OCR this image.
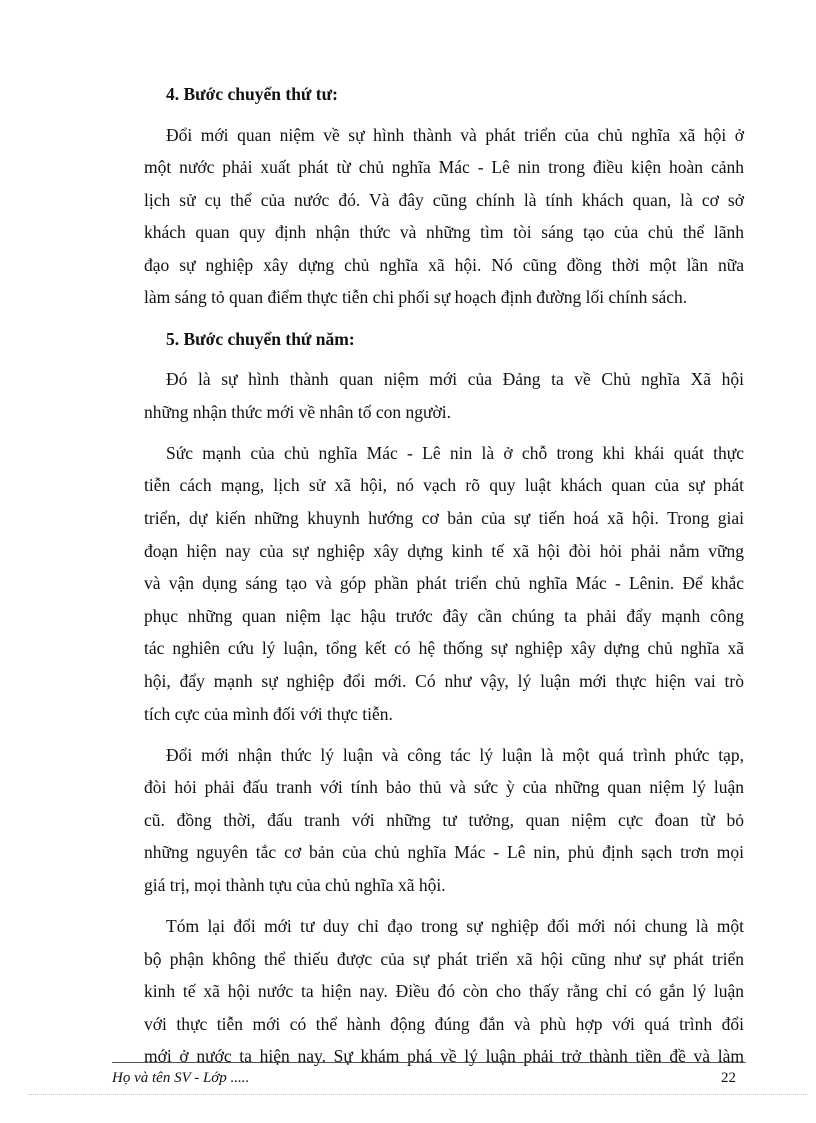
4. Bước chuyển thứ tư:

Đổi mới quan niệm về sự hình thành và phát triển của chủ nghĩa xã hội ở
một nước phải xuất phát từ chủ nghĩa Mác - Lê nin trong điều kiện hoàn cảnh
lịch sử cụ thể của nước đó. Và đây cũng chính là tính khách quan, là cơ sở
khách quan quy định nhận thức và những tìm tòi sáng tạo của chủ thể lãnh
đạo sự nghiệp xây dựng chủ nghĩa xã hội. Nó cũng đồng thời một lần nữa
làm sáng tỏ quan điểm thực tiễn chi phối sự hoạch định đường lối chính sách.

5. Bước chuyển thứ năm:

Đó là sự hình thành quan niệm mới của Đảng ta về Chủ nghĩa Xã hội
những nhận thức mới về nhân tố con người.
Sức mạnh của chủ nghĩa Mác - Lê nin là ở chỗ trong khi khái quát thực
tiễn cách mạng, lịch sử xã hội, nó vạch rõ quy luật khách quan của sự phát
triển, dự kiến những khuynh hướng cơ bản của sự tiến hoá xã hội. Trong giai
đoạn hiện nay của sự nghiệp xây dựng kinh tế xã hội đòi hỏi phải nắm vững
và vận dụng sáng tạo và góp phần phát triển chủ nghĩa Mác - Lênin. Để khắc
phục những quan niệm lạc hậu trước đây cần chúng ta phải đẩy mạnh công
tác nghiên cứu lý luận, tổng kết có hệ thống sự nghiệp xây dựng chủ nghĩa xã
hội, đẩy mạnh sự nghiệp đổi mới. Có như vậy, lý luận mới thực hiện vai trò
tích cực của mình đối với thực tiễn.
Đổi mới nhận thức lý luận và công tác lý luận là một quá trình phức tạp,
đòi hỏi phải đấu tranh với tính bảo thủ và sức ỳ của những quan niệm lý luận
cũ. đồng thời, đấu tranh với những tư tưởng, quan niệm cực đoan từ bỏ
những nguyên tắc cơ bản của chủ nghĩa Mác - Lê nin, phủ định sạch trơn mọi
giá trị, mọi thành tựu của chủ nghĩa xã hội.
Tóm lại đổi mới tư duy chỉ đạo trong sự nghiệp đổi mới nói chung là một
bộ phận không thể thiếu được của sự phát triển xã hội cũng như sự phát triển
kinh tế xã hội nước ta hiện nay. Điều đó còn cho thấy rằng chỉ có gắn lý luận
với thực tiễn mới có thể hành động đúng đắn và phù hợp với quá trình đổi
mới ở nước ta hiện nay. Sự khám phá về lý luận phải trở thành tiền đề và làm
Họ và tên SV - Lớp .....	22
